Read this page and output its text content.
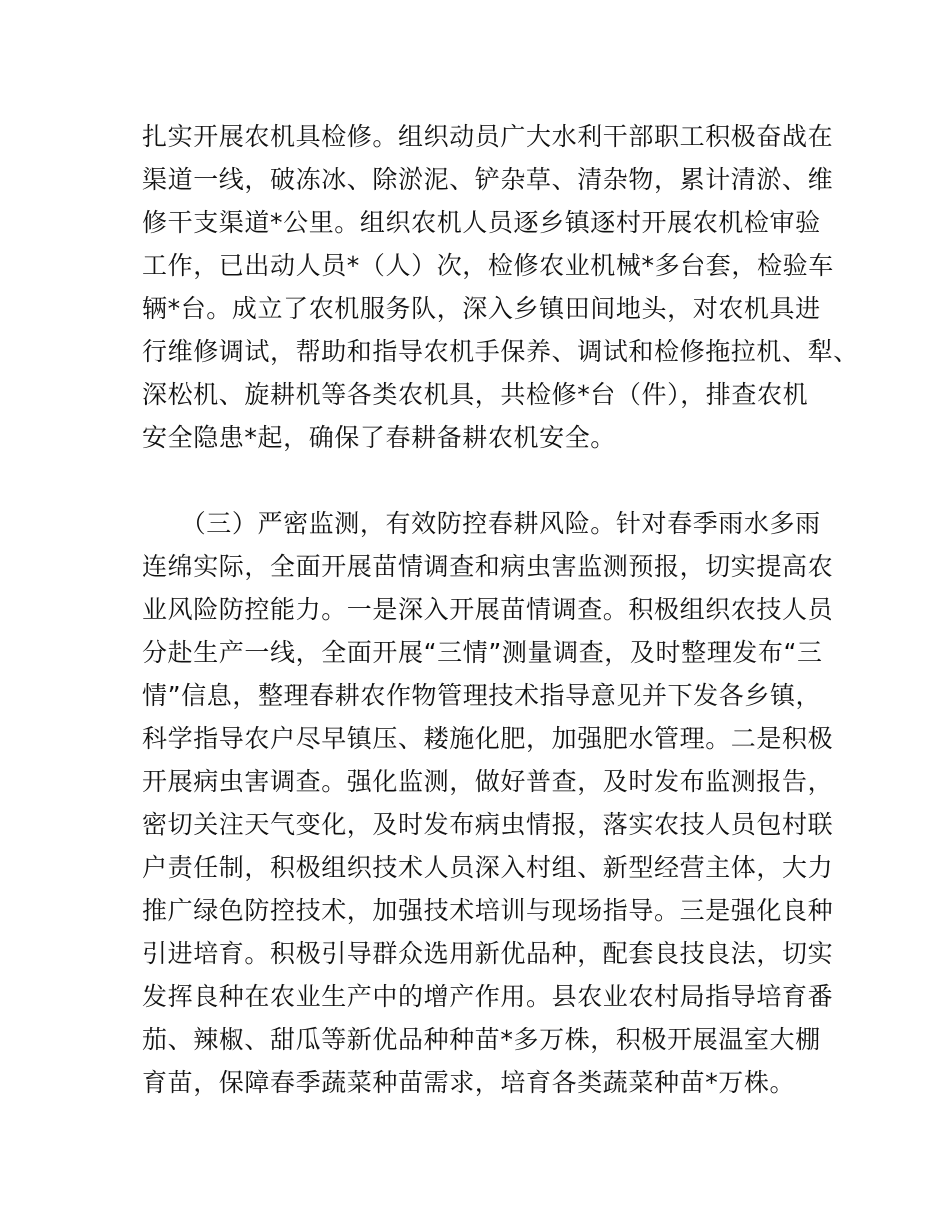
扎实开展农机具检修。组织动员广大水利干部职工积极奋战在
渠道一线，破冻冰、除淤泥、铲杂草、清杂物，累计清淤、维
修干支渠道*公里。组织农机人员逐乡镇逐村开展农机检审验
工作，已出动人员*（人）次，检修农业机械*多台套，检验车
辆*台。成立了农机服务队，深入乡镇田间地头，对农机具进
行维修调试，帮助和指导农机手保养、调试和检修拖拉机、犁、
深松机、旋耕机等各类农机具，共检修*台（件），排查农机
安全隐患*起，确保了春耕备耕农机安全。
　　（三）严密监测，有效防控春耕风险。针对春季雨水多雨
连绵实际，全面开展苗情调查和病虫害监测预报，切实提高农
业风险防控能力。一是深入开展苗情调查。积极组织农技人员
分赴生产一线，全面开展“三情”测量调查，及时整理发布“三
情”信息，整理春耕农作物管理技术指导意见并下发各乡镇，
科学指导农户尽早镇压、耧施化肥，加强肥水管理。二是积极
开展病虫害调查。强化监测，做好普查，及时发布监测报告，
密切关注天气变化，及时发布病虫情报，落实农技人员包村联
户责任制，积极组织技术人员深入村组、新型经营主体，大力
推广绿色防控技术，加强技术培训与现场指导。三是强化良种
引进培育。积极引导群众选用新优品种，配套良技良法，切实
发挥良种在农业生产中的增产作用。县农业农村局指导培育番
茄、辣椒、甜瓜等新优品种种苗*多万株，积极开展温室大棚
育苗，保障春季蔬菜种苗需求，培育各类蔬菜种苗*万株。
